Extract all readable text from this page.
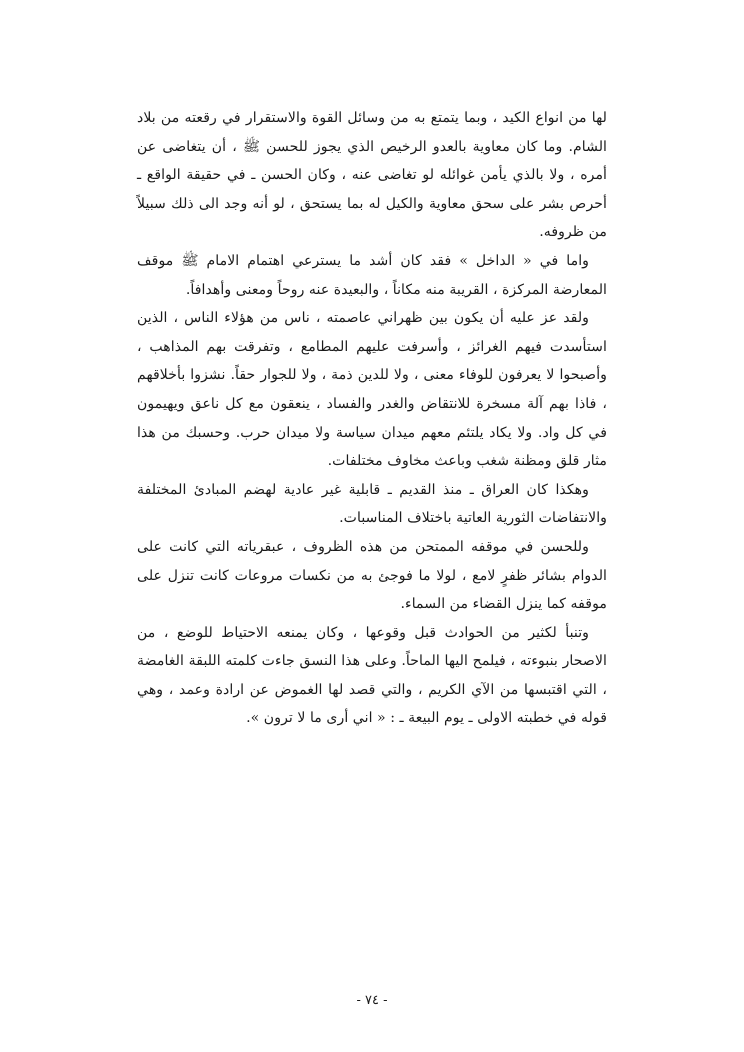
لها من انواع الكيد ، وبما يتمتع به من وسائل القوة والاستقرار في رقعته من بلاد الشام. وما كان معاوية بالعدو الرخيص الذي يجوز للحسن ﷺ ، أن يتغاضى عن أمره ، ولا بالذي يأمن غوائله لو تغاضى عنه ، وكان الحسن ـ في حقيقة الواقع ـ أحرص بشر على سحق معاوية والكيل له بما يستحق ، لو أنه وجد الى ذلك سبيلاً من ظروفه.

واما في « الداخل » فقد كان أشد ما يسترعي اهتمام الامام ﷺ موقف المعارضة المركزة ، القريبة منه مكاناً ، والبعيدة عنه روحاً ومعنى وأهدافاً.

ولقد عز عليه أن يكون بين ظهراني عاصمته ، ناس من هؤلاء الناس ، الذين استأسدت فيهم الغرائز ، وأسرفت عليهم المطامع ، وتفرقت بهم المذاهب ، وأصبحوا لا يعرفون للوفاء معنى ، ولا للدين ذمة ، ولا للجوار حقاً. نشزوا بأخلاقهم ، فاذا بهم آلة مسخرة للانتقاض والغدر والفساد ، ينعقون مع كل ناعق ويهيمون في كل واد. ولا يكاد يلتئم معهم ميدان سياسة ولا ميدان حرب. وحسبك من هذا مثار قلق ومظنة شغب وباعث مخاوف مختلفات.

وهكذا كان العراق ـ منذ القديم ـ قابلية غير عادية لهضم المبادئ المختلفة والانتفاضات الثورية العاتية باختلاف المناسبات.

وللحسن في موقفه الممتحن من هذه الظروف ، عبقرياته التي كانت على الدوام بشائر ظفرٍ لامع ، لولا ما فوجئ به من نكسات مروعات كانت تنزل على موقفه كما ينزل القضاء من السماء.

وتنبأ لكثير من الحوادث قبل وقوعها ، وكان يمنعه الاحتياط للوضع ، من الاصحار بنبوءته ، فيلمح اليها الماحاً. وعلى هذا النسق جاءت كلمته اللبقة الغامضة ، التي اقتبسها من الآي الكريم ، والتي قصد لها الغموض عن ارادة وعمد ، وهي قوله في خطبته الاولى ـ يوم البيعة ـ : « اني أرى ما لا ترون ».

- ٧٤ -
